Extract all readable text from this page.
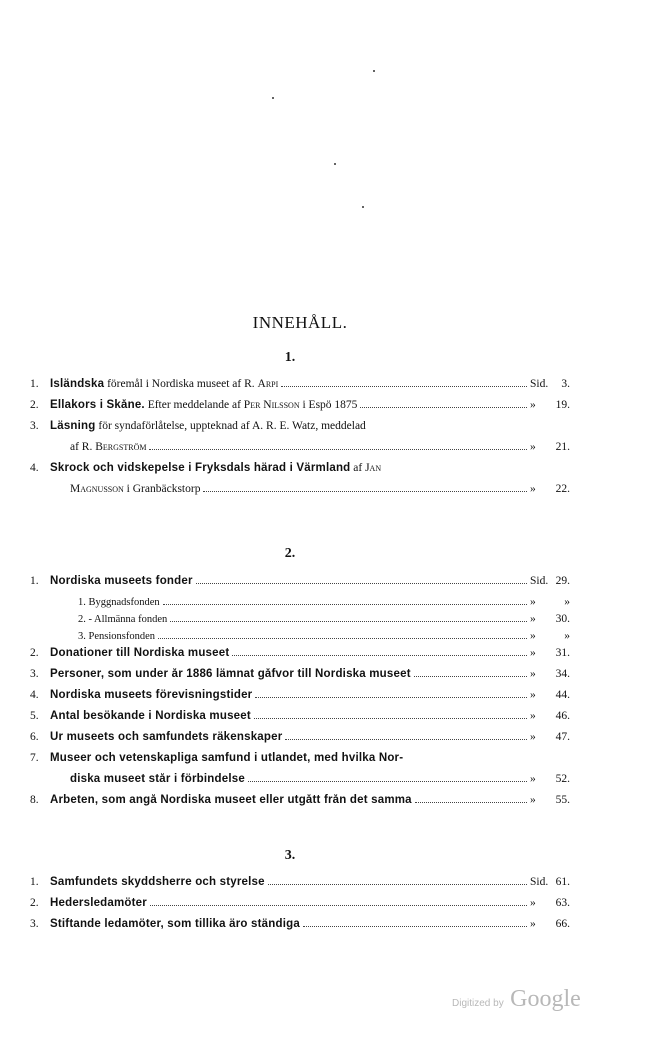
INNEHÅLL.
1.
1. Isländska föremål i Nordiska museet af R. Arpi	Sid. 3.
2. Ellakors i Skåne. Efter meddelande af Per Nilsson i Espö 1875	» 19.
3. Läsning för syndaförlåtelse, uppteknad af A. R. E. Watz, meddelad
af R. Bergström	» 21.
4. Skrock och vidskepelse i Fryksdals härad i Värmland af Jan
Magnusson i Granbäckstorp	» 22.
2.
1. Nordiska museets fonder	Sid. 29.
1. Byggnadsfonden	» »
2. - Allmänna fonden	» 30.
3. Pensionsfonden	» »
2. Donationer till Nordiska museet	» 31.
3. Personer, som under år 1886 lämnat gåfvor till Nordiska museet	» 34.
4. Nordiska museets förevisningstider	» 44.
5. Antal besökande i Nordiska museet	» 46.
6. Ur museets och samfundets räkenskaper	» 47.
7. Museer och vetenskapliga samfund i utlandet, med hvilka Nor-
diska museet står i förbindelse	» 52.
8. Arbeten, som angå Nordiska museet eller utgått från det samma	» 55.
3.
1. Samfundets skyddsherre och styrelse	Sid. 61.
2. Hedersledamöter	» 63.
3. Stiftande ledamöter, som tillika äro ständiga	» 66.
Digitized by Google
